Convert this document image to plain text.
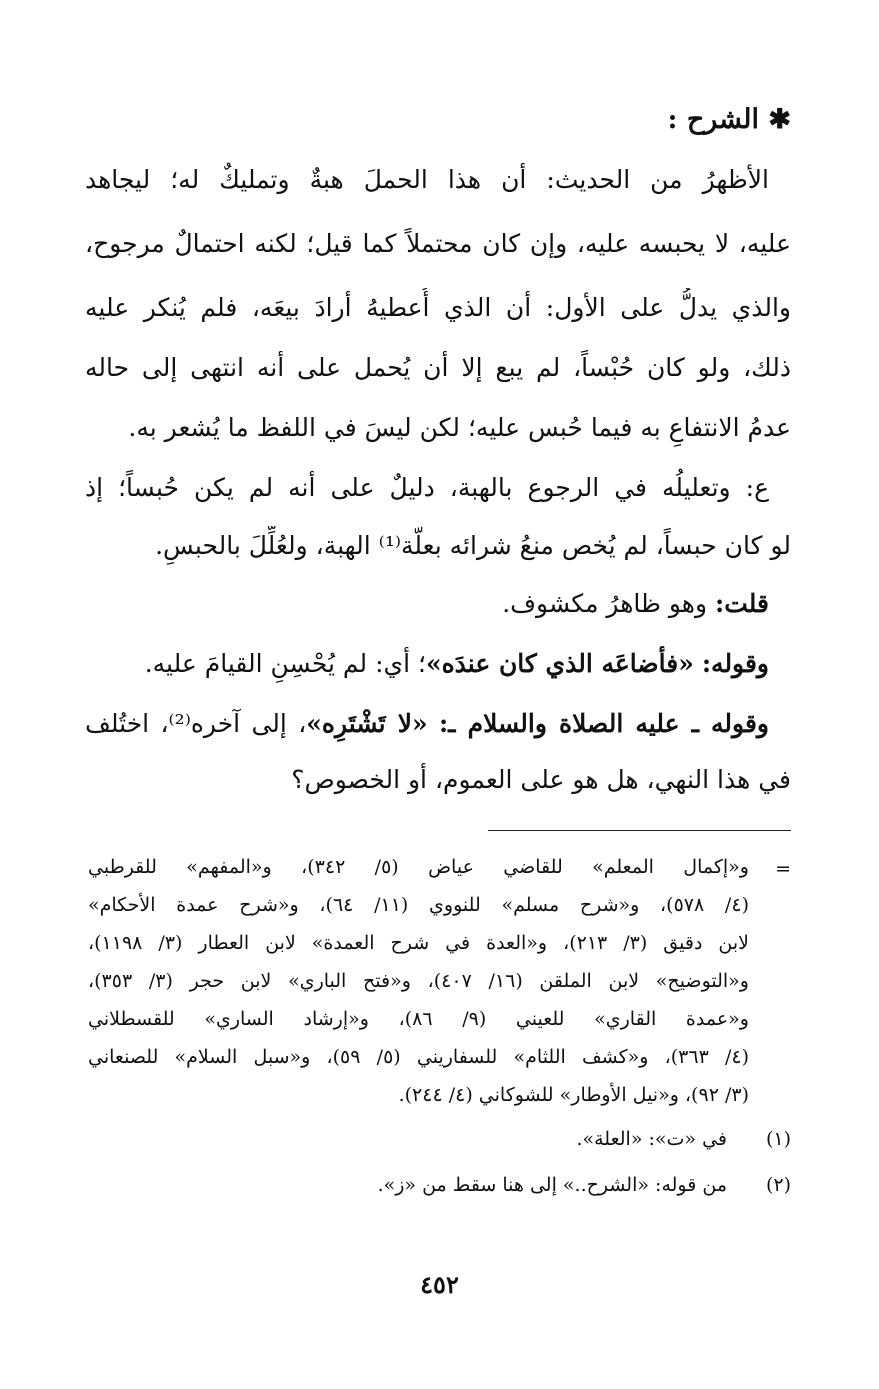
✱ الشرح :
الأظهرُ من الحديث: أن هذا الحملَ هبةٌ وتمليكٌ له؛ ليجاهد
عليه، لا يحبسه عليه، وإن كان محتملاً كما قيل؛ لكنه احتمالٌ مرجوح،
والذي يدلُّ على الأول: أن الذي أُعطيهُ أرادَ بيعَه، فلم يُنكر عليه
ذلك، ولو كان حُبْساً، لم يبع إلا أن يُحمل على أنه انتهى إلى حاله
عدمُ الانتفاعِ به فيما حُبس عليه؛ لكن ليسَ في اللفظ ما يُشعر به.
ع: وتعليلُه في الرجوع بالهبة، دليلٌ على أنه لم يكن حُبساً؛ إذ
لو كان حبساً، لم يُخص منعُ شرائه بعلّة⁽¹⁾ الهبة، ولعُلِّلَ بالحبسِ.
قلت: وهو ظاهرُ مكشوف.
وقوله: «فأضاعَه الذي كان عندَه»؛ أي: لم يُحْسِنِ القيامَ عليه.
وقوله ـ عليه الصلاة والسلام ـ: «لا تَشْتَرِه»، إلى آخره⁽²⁾، اختُلف
في هذا النهي، هل هو على العموم، أو الخصوص؟
=
و«إكمال المعلم» للقاضي عياض (٥/ ٣٤٢)، و«المفهم» للقرطبي
(٤/ ٥٧٨)، و«شرح مسلم» للنووي (١١/ ٦٤)، و«شرح عمدة الأحكام»
لابن دقيق (٣/ ٢١٣)، و«العدة في شرح العمدة» لابن العطار (٣/ ١١٩٨)،
و«التوضيح» لابن الملقن (١٦/ ٤٠٧)، و«فتح الباري» لابن حجر (٣/ ٣٥٣)،
و«عمدة القاري» للعيني (٩/ ٨٦)، و«إرشاد الساري» للقسطلاني
(٤/ ٣٦٣)، و«كشف اللثام» للسفاريني (٥/ ٥٩)، و«سبل السلام» للصنعاني
(٣/ ٩٢)، و«نيل الأوطار» للشوكاني (٤/ ٢٤٤).
(١)
في «ت»: «العلة».
(٢)
من قوله: «الشرح..» إلى هنا سقط من «ز».
٤٥٢
